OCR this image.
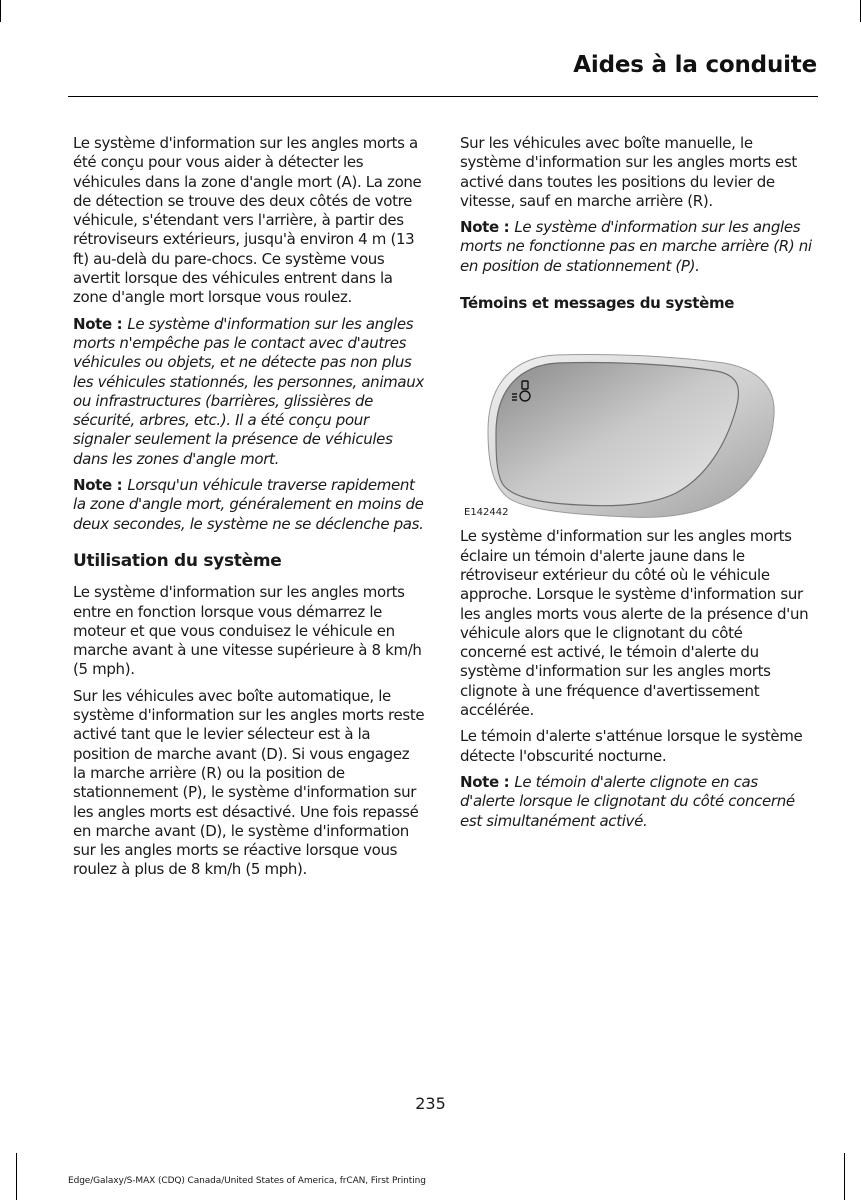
Aides à la conduite

Le système d'information sur les angles morts a été conçu pour vous aider à détecter les véhicules dans la zone d'angle mort (A). La zone de détection se trouve des deux côtés de votre véhicule, s'étendant vers l'arrière, à partir des rétroviseurs extérieurs, jusqu'à environ 4 m (13 ft) au-delà du pare-chocs. Ce système vous avertit lorsque des véhicules entrent dans la zone d'angle mort lorsque vous roulez.

Note : Le système d'information sur les angles morts n'empêche pas le contact avec d'autres véhicules ou objets, et ne détecte pas non plus les véhicules stationnés, les personnes, animaux ou infrastructures (barrières, glissières de sécurité, arbres, etc.). Il a été conçu pour signaler seulement la présence de véhicules dans les zones d'angle mort.

Note : Lorsqu'un véhicule traverse rapidement la zone d'angle mort, généralement en moins de deux secondes, le système ne se déclenche pas.

Utilisation du système

Le système d'information sur les angles morts entre en fonction lorsque vous démarrez le moteur et que vous conduisez le véhicule en marche avant à une vitesse supérieure à 8 km/h (5 mph).

Sur les véhicules avec boîte automatique, le système d'information sur les angles morts reste activé tant que le levier sélecteur est à la position de marche avant (D). Si vous engagez la marche arrière (R) ou la position de stationnement (P), le système d'information sur les angles morts est désactivé. Une fois repassé en marche avant (D), le système d'information sur les angles morts se réactive lorsque vous roulez à plus de 8 km/h (5 mph).

Sur les véhicules avec boîte manuelle, le système d'information sur les angles morts est activé dans toutes les positions du levier de vitesse, sauf en marche arrière (R).

Note : Le système d'information sur les angles morts ne fonctionne pas en marche arrière (R) ni en position de stationnement (P).

Témoins et messages du système
E142442

Le système d'information sur les angles morts éclaire un témoin d'alerte jaune dans le rétroviseur extérieur du côté où le véhicule approche. Lorsque le système d'information sur les angles morts vous alerte de la présence d'un véhicule alors que le clignotant du côté concerné est activé, le témoin d'alerte du système d'information sur les angles morts clignote à une fréquence d'avertissement accélérée.

Le témoin d'alerte s'atténue lorsque le système détecte l'obscurité nocturne.

Note : Le témoin d'alerte clignote en cas d'alerte lorsque le clignotant du côté concerné est simultanément activé.

235
Edge/Galaxy/S-MAX (CDQ) Canada/United States of America, frCAN, First Printing
